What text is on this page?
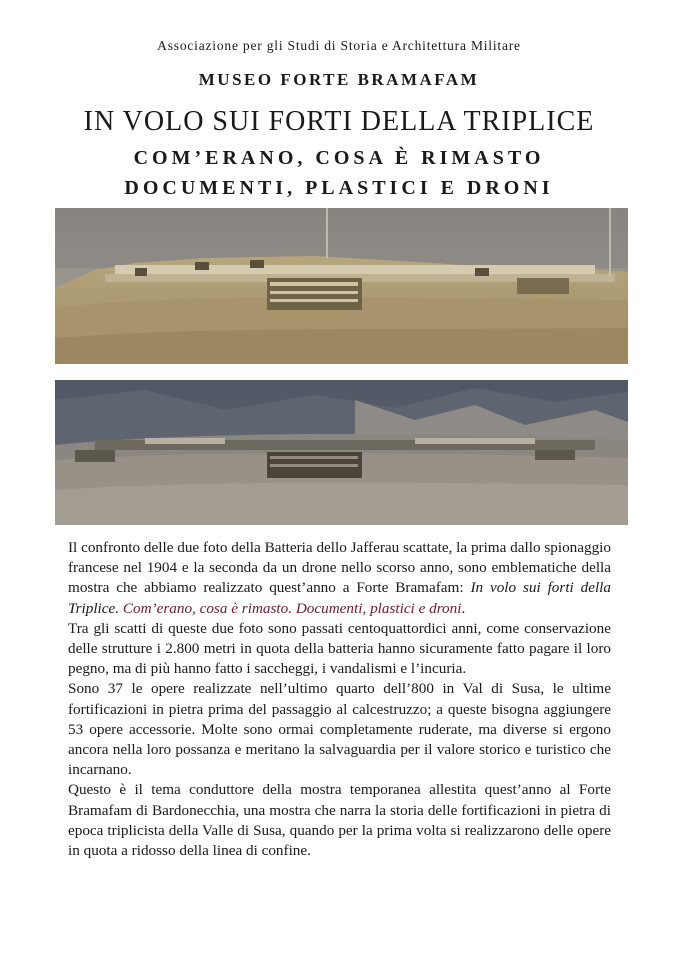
Associazione per gli Studi di Storia e Architettura Militare
MUSEO FORTE BRAMAFAM
IN VOLO SUI FORTI DELLA TRIPLICE
COM’ERANO, COSA È RIMASTO
DOCUMENTI, PLASTICI E DRONI

Il confronto delle due foto della Batteria dello Jafferau scattate, la prima dallo spionaggio francese nel 1904 e la seconda da un drone nello scorso anno, sono emblematiche della mostra che abbiamo realizzato quest’anno a Forte Bramafam: In volo sui forti della Triplice. Com’erano, cosa è rimasto. Documenti, plastici e droni.

Tra gli scatti di queste due foto sono passati centoquattordici anni, come conservazione delle strutture i 2.800 metri in quota della batteria hanno sicuramente fatto pagare il loro pegno, ma di più hanno fatto i saccheggi, i vandalismi e l’incuria.

Sono 37 le opere realizzate nell’ultimo quarto dell’800 in Val di Susa, le ultime fortificazioni in pietra prima del passaggio al calcestruzzo; a queste bisogna aggiungere 53 opere accessorie. Molte sono ormai completamente ruderate, ma diverse si ergono ancora nella loro possanza e meritano la salvaguardia per il valore storico e turistico che incarnano.

Questo è il tema conduttore della mostra temporanea allestita quest’anno al Forte Bramafam di Bardonecchia, una mostra che narra la storia delle fortificazioni in pietra di epoca triplicista della Valle di Susa, quando per la prima volta si realizzarono delle opere in quota a ridosso della linea di confine.
